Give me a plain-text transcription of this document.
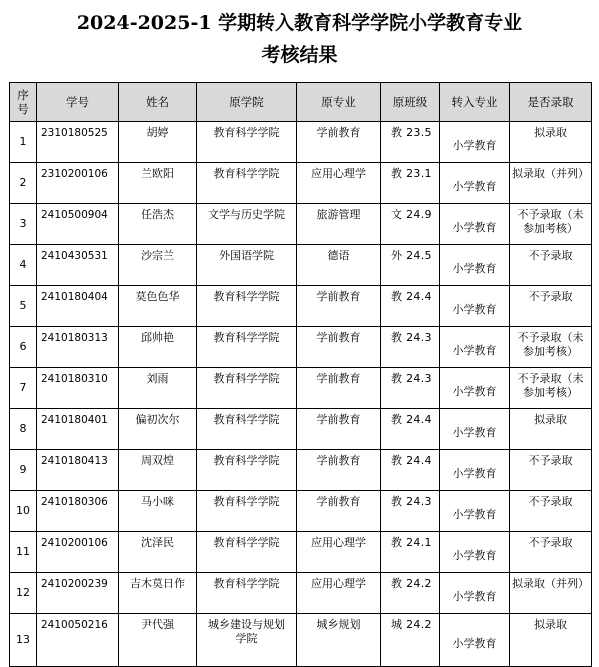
2024-2025-1 学期转入教育科学学院小学教育专业
考核结果
序
号	学号	姓名	原学院	原专业	原班级	转入专业	是否录取

1	2310180525	胡婷	教育科学学院	学前教育	教 23.5	小学教育	拟录取

2	2310200106	兰欧阳	教育科学学院	应用心理学	教 23.1	小学教育	拟录取（并列）

3	2410500904	任浩杰	文学与历史学院	旅游管理	文 24.9	小学教育	不予录取（未
参加考核）

4	2410430531	沙宗兰	外国语学院	德语	外 24.5	小学教育	不予录取

5	2410180404	莫色色华	教育科学学院	学前教育	教 24.4	小学教育	不予录取

6	2410180313	邱帅艳	教育科学学院	学前教育	教 24.3	小学教育	不予录取（未
参加考核）

7	2410180310	刘雨	教育科学学院	学前教育	教 24.3	小学教育	不予录取（未
参加考核）

8	2410180401	偏初次尔	教育科学学院	学前教育	教 24.4	小学教育	拟录取

9	2410180413	周双煌	教育科学学院	学前教育	教 24.4	小学教育	不予录取

10	2410180306	马小咪	教育科学学院	学前教育	教 24.3	小学教育	不予录取

11	2410200106	沈泽民	教育科学学院	应用心理学	教 24.1	小学教育	不予录取

12	2410200239	吉木莫日作	教育科学学院	应用心理学	教 24.2	小学教育	拟录取（并列）

13	2410050216	尹代强	城乡建设与规划
学院	城乡规划	城 24.2	小学教育	拟录取
